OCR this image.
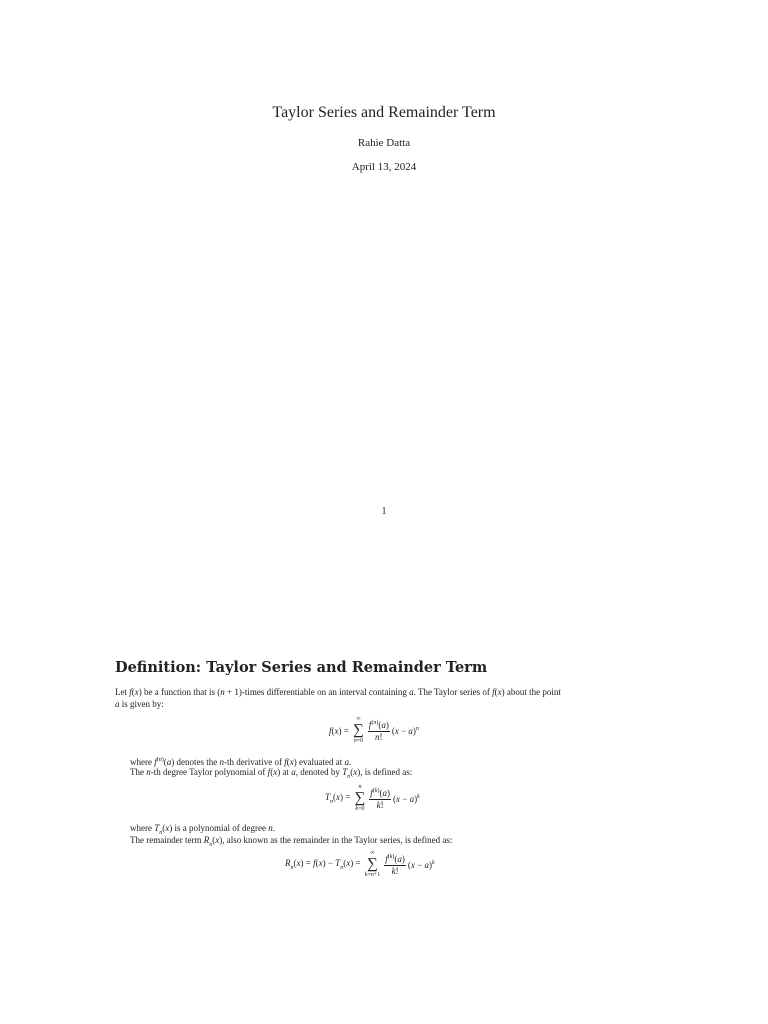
Taylor Series and Remainder Term
Rahie Datta
April 13, 2024
1
Definition: Taylor Series and Remainder Term
Let f(x) be a function that is (n + 1)-times differentiable on an interval containing a. The Taylor series of f(x) about the point
a is given by:
f(x) =
∞
∑
$n=0 \frac{f^{(n)}(a)}{n!} (x - a)^n$
where $f^{(n)}(a)$ denotes the n-th derivative of f(x) evaluated at a.
The n-th degree Taylor polynomial of f(x) at a, denoted by $T_n(x)$, is defined as:
$T_n(x)$ =
n
∑
$k=0 \frac{f^{(k)}(a)}{k!} (x - a)^k$
where $T_n(x)$ is a polynomial of degree n.
The remainder term $R_n(x)$, also known as the remainder in the Taylor series, is defined as:
$R_n(x) = f(x) - T_n(x)$ =
∞
∑
$k=n+1 \frac{f^{(k)}(a)}{k!} (x - a)^k$
